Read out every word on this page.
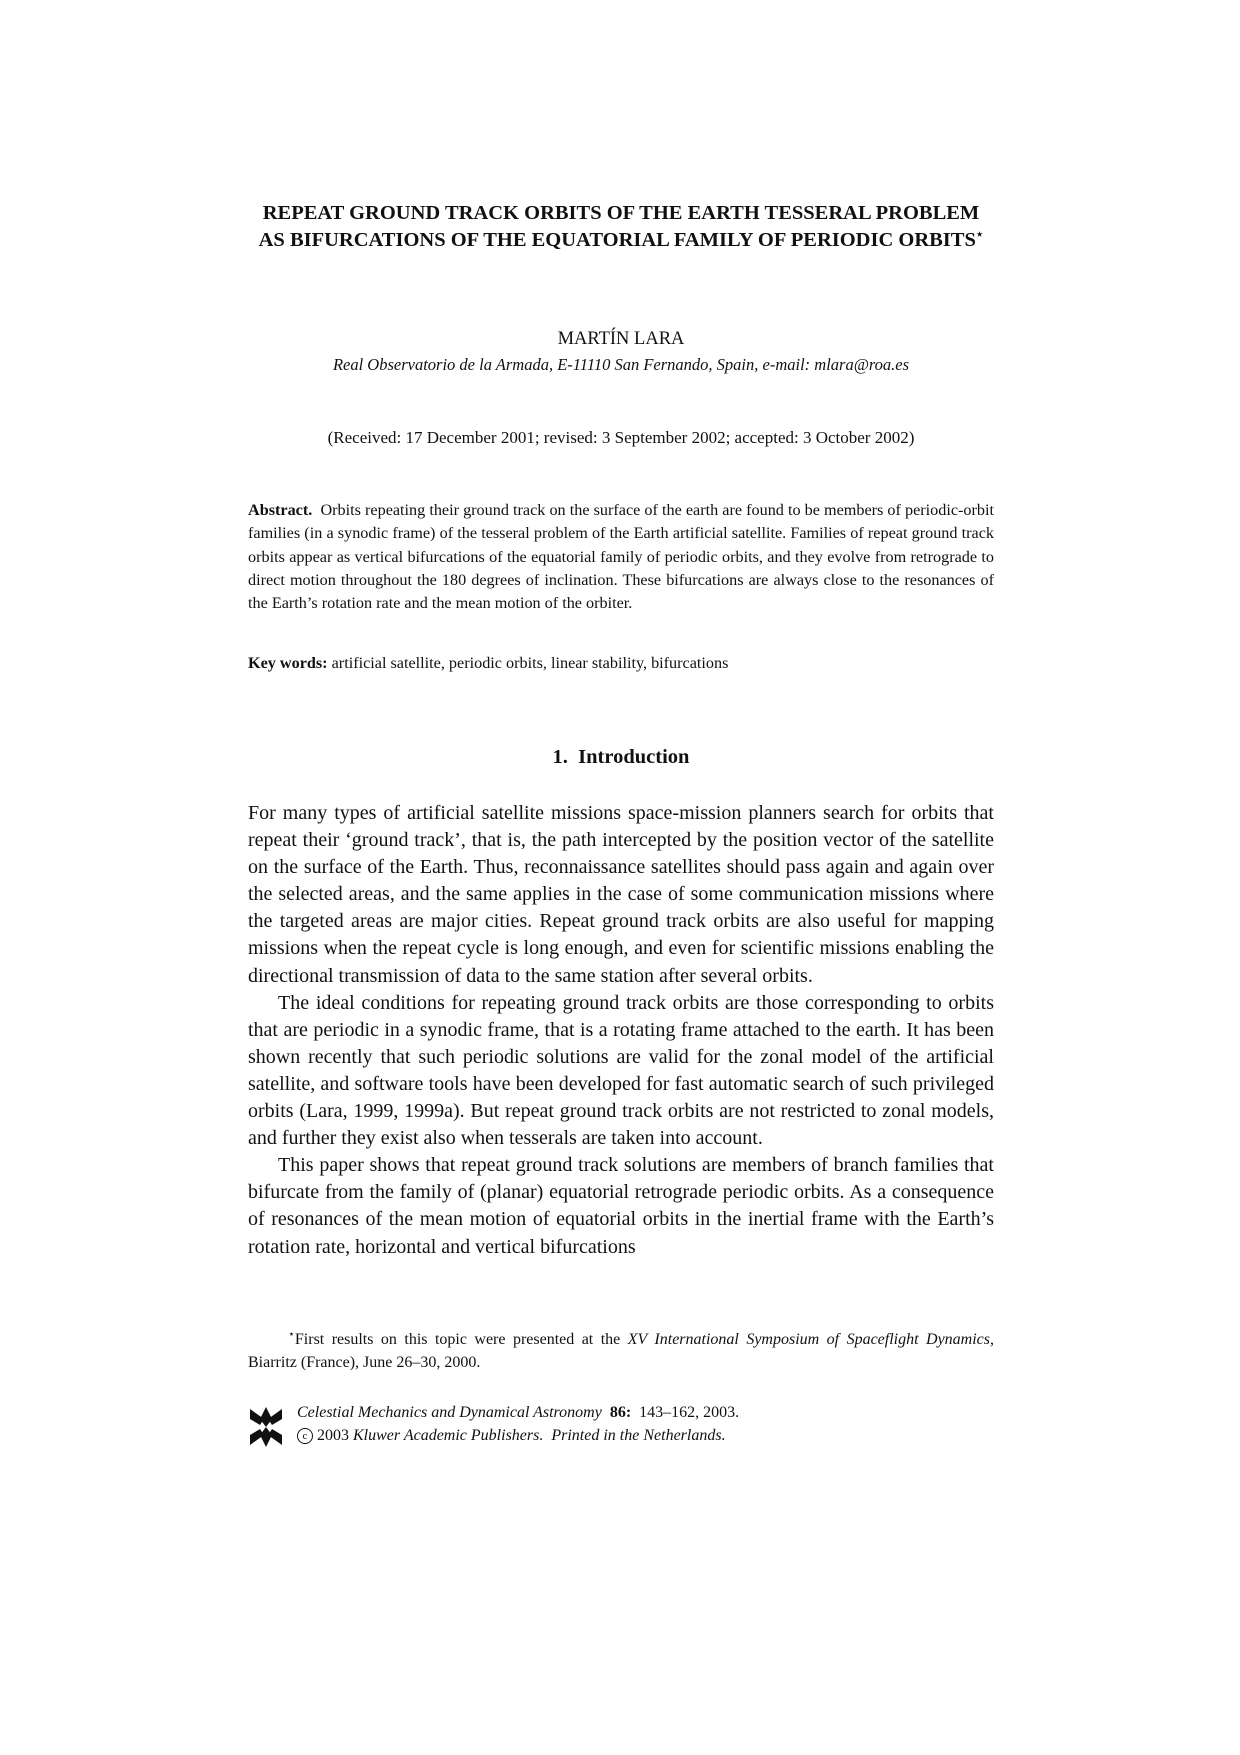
REPEAT GROUND TRACK ORBITS OF THE EARTH TESSERAL PROBLEM AS BIFURCATIONS OF THE EQUATORIAL FAMILY OF PERIODIC ORBITS⋆
MARTÍN LARA
Real Observatorio de la Armada, E-11110 San Fernando, Spain, e-mail: mlara@roa.es
(Received: 17 December 2001; revised: 3 September 2002; accepted: 3 October 2002)
Abstract. Orbits repeating their ground track on the surface of the earth are found to be members of periodic-orbit families (in a synodic frame) of the tesseral problem of the Earth artificial satellite. Families of repeat ground track orbits appear as vertical bifurcations of the equatorial family of periodic orbits, and they evolve from retrograde to direct motion throughout the 180 degrees of inclination. These bifurcations are always close to the resonances of the Earth’s rotation rate and the mean motion of the orbiter.
Key words: artificial satellite, periodic orbits, linear stability, bifurcations
1. Introduction

For many types of artificial satellite missions space-mission planners search for orbits that repeat their ‘ground track’, that is, the path intercepted by the position vector of the satellite on the surface of the Earth. Thus, reconnaissance satellites should pass again and again over the selected areas, and the same applies in the case of some communication missions where the targeted areas are major cities. Repeat ground track orbits are also useful for mapping missions when the repeat cycle is long enough, and even for scientific missions enabling the directional transmission of data to the same station after several orbits.

The ideal conditions for repeating ground track orbits are those corresponding to orbits that are periodic in a synodic frame, that is a rotating frame attached to the earth. It has been shown recently that such periodic solutions are valid for the zonal model of the artificial satellite, and software tools have been developed for fast automatic search of such privileged orbits (Lara, 1999, 1999a). But repeat ground track orbits are not restricted to zonal models, and further they exist also when tesserals are taken into account.

This paper shows that repeat ground track solutions are members of branch families that bifurcate from the family of (planar) equatorial retrograde periodic orbits. As a consequence of resonances of the mean motion of equatorial orbits in the inertial frame with the Earth’s rotation rate, horizontal and vertical bifurcations

⋆First results on this topic were presented at the XV International Symposium of Spaceflight Dynamics, Biarritz (France), June 26–30, 2000.
Celestial Mechanics and Dynamical Astronomy 86: 143–162, 2003.
c 2003 Kluwer Academic Publishers. Printed in the Netherlands.
